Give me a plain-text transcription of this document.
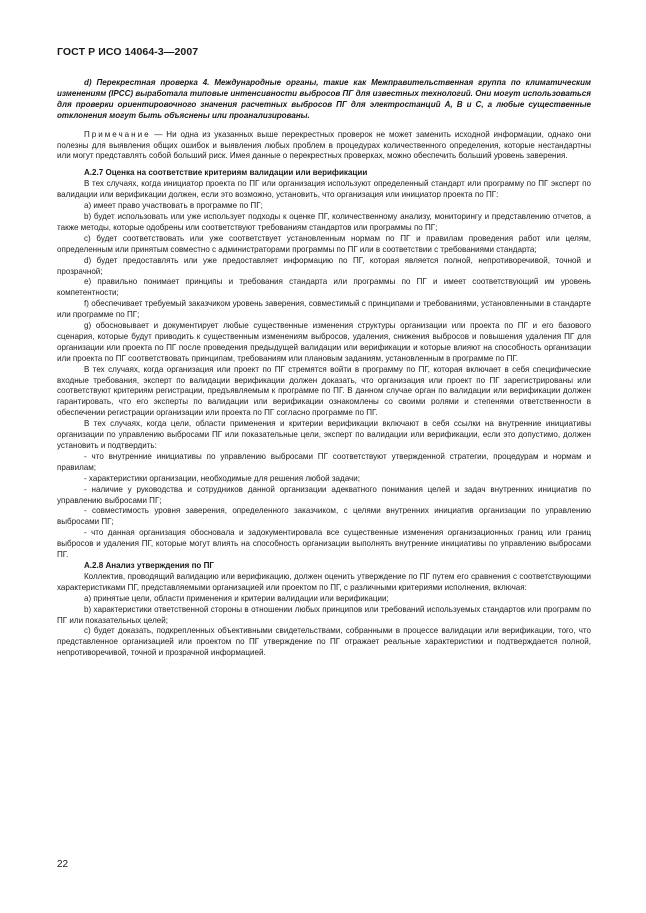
ГОСТ Р ИСО 14064-3—2007

d) Перекрестная проверка 4. Международные органы, такие как Межправительственная группа по климатическим изменениям (IPCC) выработала типовые интенсивности выбросов ПГ для известных технологий. Они могут использоваться для проверки ориентировочного значения расчетных выбросов ПГ для электростанций А, В и С, а любые существенные отклонения могут быть объяснены или проанализированы.

Примечание — Ни одна из указанных выше перекрестных проверок не может заменить исходной информации, однако они полезны для выявления общих ошибок и выявления любых проблем в процедурах количественного определения, которые нестандартны или могут представлять собой больший риск. Имея данные о перекрестных проверках, можно обеспечить больший уровень заверения.

А.2.7 Оценка на соответствие критериям валидации или верификации

В тех случаях, когда инициатор проекта по ПГ или организация используют определенный стандарт или программу по ПГ эксперт по валидации или верификации должен, если это возможно, установить, что организация или инициатор проекта по ПГ:

a) имеет право участвовать в программе по ПГ;

b) будет использовать или уже использует подходы к оценке ПГ, количественному анализу, мониторингу и представлению отчетов, а также методы, которые одобрены или соответствуют требованиям стандартов или программы по ПГ;

c) будет соответствовать или уже соответствует установленным нормам по ПГ и правилам проведения работ или целям, определенным или принятым совместно с администраторами программы по ПГ или в соответствии с требованиями стандарта;

d) будет предоставлять или уже предоставляет информацию по ПГ, которая является полной, непротиворечивой, точной и прозрачной;

e) правильно понимает принципы и требования стандарта или программы по ПГ и имеет соответствующий им уровень компетентности;

f) обеспечивает требуемый заказчиком уровень заверения, совместимый с принципами и требованиями, установленными в стандарте или программе по ПГ;

g) обосновывает и документирует любые существенные изменения структуры организации или проекта по ПГ и его базового сценария, которые будут приводить к существенным изменениям выбросов, удаления, снижения выбросов и повышения удаления ПГ для организации или проекта по ПГ после проведения предыдущей валидации или верификации и которые влияют на способность организации или проекта по ПГ соответствовать принципам, требованиям или плановым заданиям, установленным в программе по ПГ.

В тех случаях, когда организация или проект по ПГ стремятся войти в программу по ПГ, которая включает в себя специфические входные требования, эксперт по валидации верификации должен доказать, что организация или проект по ПГ зарегистрированы или соответствуют критериям регистрации, предъявляемым к программе по ПГ. В данном случае орган по валидации или верификации должен гарантировать, что его эксперты по валидации или верификации ознакомлены со своими ролями и степенями ответственности в обеспечении регистрации организации или проекта по ПГ согласно программе по ПГ.

В тех случаях, когда цели, области применения и критерии верификации включают в себя ссылки на внутренние инициативы организации по управлению выбросами ПГ или показательные цели, эксперт по валидации или верификации, если это допустимо, должен установить и подтвердить:

- что внутренние инициативы по управлению выбросами ПГ соответствуют утвержденной стратегии, процедурам и нормам и правилам;

- характеристики организации, необходимые для решения любой задачи;

- наличие у руководства и сотрудников данной организации адекватного понимания целей и задач внутренних инициатив по управлению выбросами ПГ;

- совместимость уровня заверения, определенного заказчиком, с целями внутренних инициатив организации по управлению выбросами ПГ;

- что данная организация обосновала и задокументировала все существенные изменения организационных границ или границ выбросов и удаления ПГ, которые могут влиять на способность организации выполнять внутренние инициативы по управлению выбросами ПГ.

А.2.8 Анализ утверждения по ПГ

Коллектив, проводящий валидацию или верификацию, должен оценить утверждение по ПГ путем его сравнения с соответствующими характеристиками ПГ, представляемыми организацией или проектом по ПГ, с различными критериями исполнения, включая:

a) принятые цели, области применения и критерии валидации или верификации;

b) характеристики ответственной стороны в отношении любых принципов или требований используемых стандартов или программ по ПГ или показательных целей;

c) будет доказать, подкрепленных объективными свидетельствами, собранными в процессе валидации или верификации, того, что представленное организацией или проектом по ПГ утверждение по ПГ отражает реальные характеристики и подтверждается полной, непротиворечивой, точной и прозрачной информацией.

22
